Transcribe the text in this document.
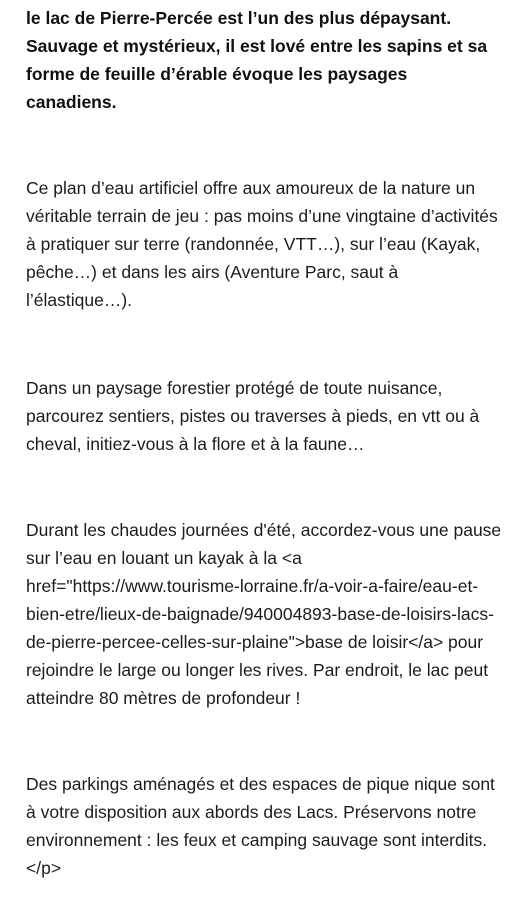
le lac de Pierre-Percée est l’un des plus dépaysant. Sauvage et mystérieux, il est lové entre les sapins et sa forme de feuille d’érable évoque les paysages canadiens.

Ce plan d’eau artificiel offre aux amoureux de la nature un véritable terrain de jeu : pas moins d’une vingtaine d’activités à pratiquer sur terre (randonnée, VTT…), sur l’eau (Kayak, pêche…) et dans les airs (Aventure Parc, saut à l’élastique…).

Dans un paysage forestier protégé de toute nuisance, parcourez sentiers, pistes ou traverses à pieds, en vtt ou à cheval, initiez-vous à la flore et à la faune…

Durant les chaudes journées d'été, accordez-vous une pause sur l’eau en louant un kayak à la <a href="https://www.tourisme-lorraine.fr/a-voir-a-faire/eau-et-bien-etre/lieux-de-baignade/940004893-base-de-loisirs-lacs-de-pierre-percee-celles-sur-plaine">base de loisir</a> pour rejoindre le large ou longer les rives. Par endroit, le lac peut atteindre 80 mètres de profondeur !

Des parkings aménagés et des espaces de pique nique sont à votre disposition aux abords des Lacs. Préservons notre environnement : les feux et camping sauvage sont interdits.</p>
